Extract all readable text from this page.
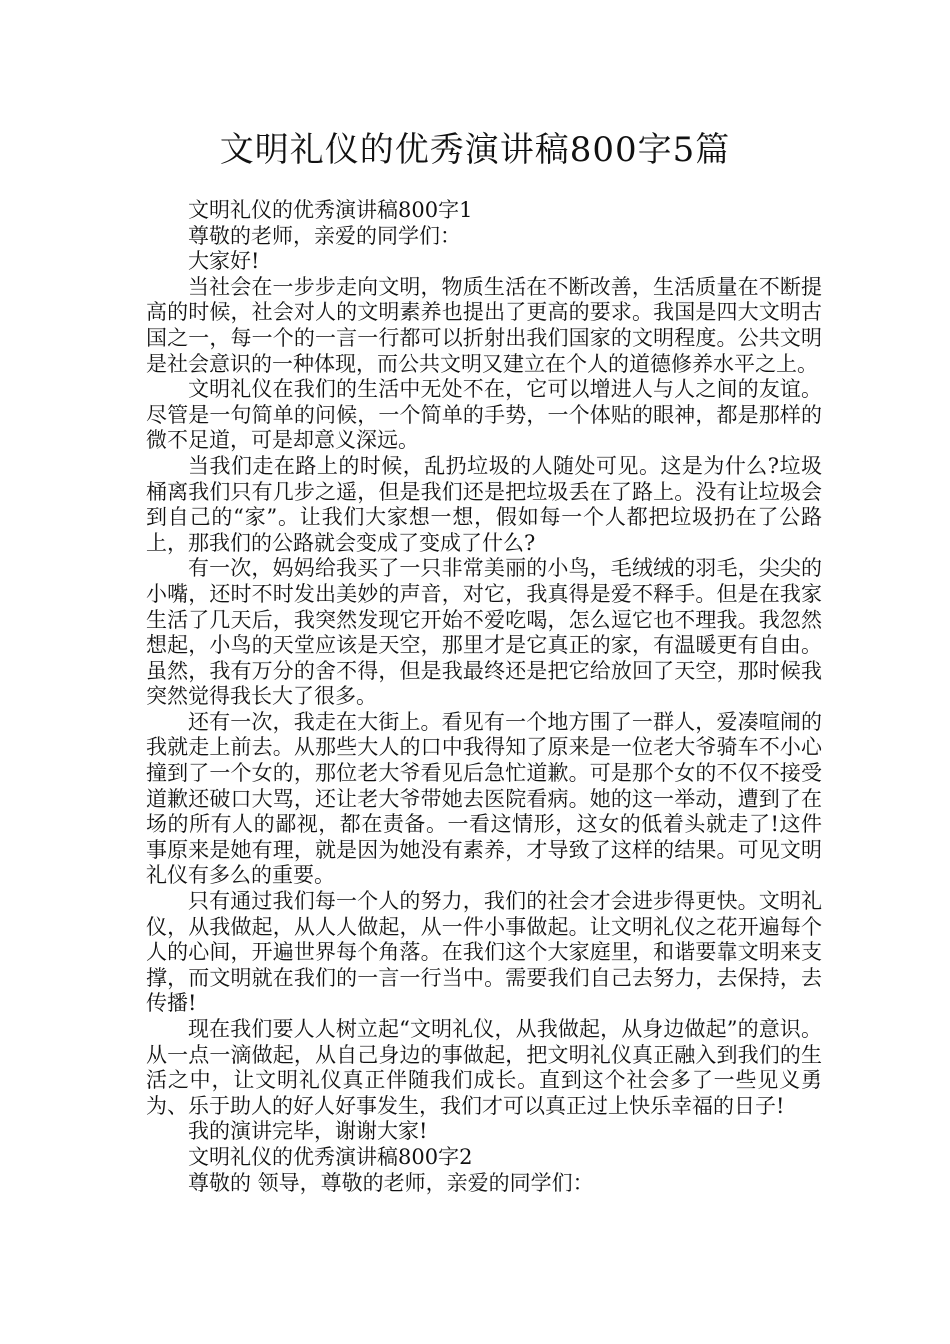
文明礼仪的优秀演讲稿800字5篇

文明礼仪的优秀演讲稿800字1

尊敬的老师，亲爱的同学们：

大家好!

当社会在一步步走向文明，物质生活在不断改善，生活质量在不断提高的时候，社会对人的文明素养也提出了更高的要求。我国是四大文明古国之一，每一个的一言一行都可以折射出我们国家的文明程度。公共文明是社会意识的一种体现，而公共文明又建立在个人的道德修养水平之上。

文明礼仪在我们的生活中无处不在，它可以增进人与人之间的友谊。尽管是一句简单的问候，一个简单的手势，一个体贴的眼神，都是那样的微不足道，可是却意义深远。

当我们走在路上的时候，乱扔垃圾的人随处可见。这是为什么?垃圾桶离我们只有几步之遥，但是我们还是把垃圾丢在了路上。没有让垃圾会到自己的“家”。让我们大家想一想，假如每一个人都把垃圾扔在了公路上，那我们的公路就会变成了变成了什么?

有一次，妈妈给我买了一只非常美丽的小鸟，毛绒绒的羽毛，尖尖的小嘴，还时不时发出美妙的声音，对它，我真得是爱不释手。但是在我家生活了几天后，我突然发现它开始不爱吃喝，怎么逗它也不理我。我忽然想起，小鸟的天堂应该是天空，那里才是它真正的家，有温暖更有自由。虽然，我有万分的舍不得，但是我最终还是把它给放回了天空，那时候我突然觉得我长大了很多。

还有一次，我走在大街上。看见有一个地方围了一群人，爱凑喧闹的我就走上前去。从那些大人的口中我得知了原来是一位老大爷骑车不小心撞到了一个女的，那位老大爷看见后急忙道歉。可是那个女的不仅不接受道歉还破口大骂，还让老大爷带她去医院看病。她的这一举动，遭到了在场的所有人的鄙视，都在责备。一看这情形，这女的低着头就走了!这件事原来是她有理，就是因为她没有素养，才导致了这样的结果。可见文明礼仪有多么的重要。

只有通过我们每一个人的努力，我们的社会才会进步得更快。文明礼仪，从我做起，从人人做起，从一件小事做起。让文明礼仪之花开遍每个人的心间，开遍世界每个角落。在我们这个大家庭里，和谐要靠文明来支撑，而文明就在我们的一言一行当中。需要我们自己去努力，去保持，去传播!

现在我们要人人树立起“文明礼仪，从我做起，从身边做起”的意识。从一点一滴做起，从自己身边的事做起，把文明礼仪真正融入到我们的生活之中，让文明礼仪真正伴随我们成长。直到这个社会多了一些见义勇为、乐于助人的好人好事发生，我们才可以真正过上快乐幸福的日子!

我的演讲完毕，谢谢大家!

文明礼仪的优秀演讲稿800字2

尊敬的 领导，尊敬的老师，亲爱的同学们：
